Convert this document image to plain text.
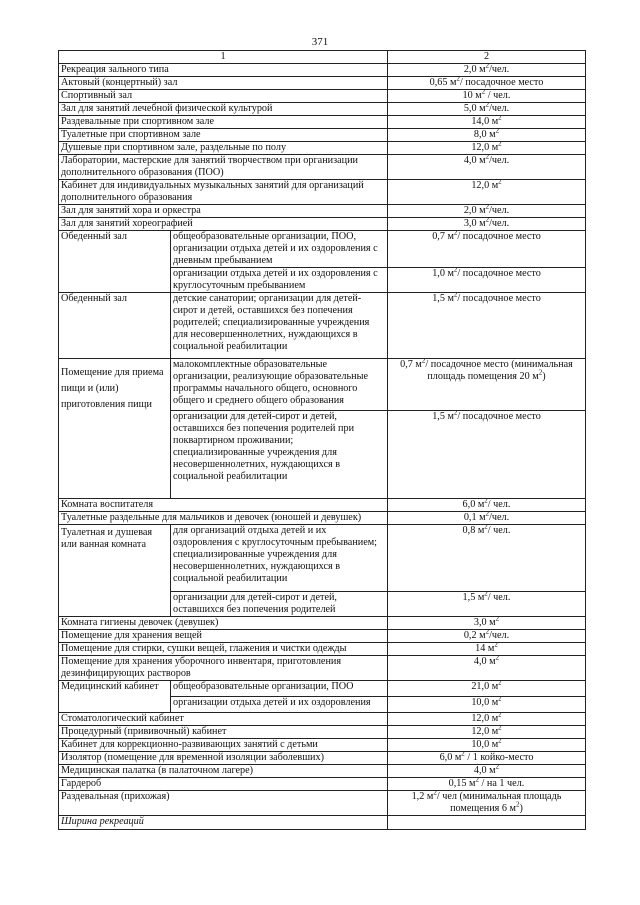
371
1		2
Рекреация зального типа		2,0 $м^2$/чел.
Актовый (концертный) зал		0,65 $м^2/$ посадочное место
Спортивный зал		10 $м^2$ / чел.
Зал для занятий лечебной физической культурой		5,0 $м^2$/чел.
Раздевальные при спортивном зале		14,0 $м^2$
Туалетные при спортивном зале		8,0 $м^2$
Душевые при спортивном зале, раздельные по полу		12,0 $м^2$
Лаборатории, мастерские для занятий творчеством при организации дополнительного образования (ПОО)		4,0 $м^2$/чел.
Кабинет для индивидуальных музыкальных занятий для организаций дополнительного образования		12,0 $м^2$
Зал для занятий хора и оркестра		2,0 $м^2$/чел.
Зал для занятий хореографией		3,0 $м^2$/чел.
Обеденный зал	общеобразовательные организации, ПОО, организации отдыха детей и их оздоровления с дневным пребыванием	0,7 $м^2/$ посадочное место
	организации отдыха детей и их оздоровления с круглосуточным пребыванием	1,0 $м^2/$ посадочное место
Обеденный зал	детские санатории; организации для детей-сирот и детей, оставшихся без попечения родителей; специализированные учреждения для несовершеннолетних, нуждающихся в социальной реабилитации	1,5 $м^2/$ посадочное место
Помещение для приема пищи и (или) приготовления пищи	малокомплектные образовательные организации, реализующие образовательные программы начального общего, основного общего и среднего общего образования	0,7 $м^2/$ посадочное место (минимальная площадь помещения 20 $м^2$)
	организации для детей-сирот и детей, оставшихся без попечения родителей при поквартирном проживании; специализированные учреждения для несовершеннолетних, нуждающихся в социальной реабилитации	1,5 $м^2/$ посадочное место
Комната воспитателя		6,0 $м^2/$ чел.
Туалетные раздельные для мальчиков и девочек (юношей и девушек)		0,1 $м^2$/чел.
Туалетная и душевая или ванная комната	для организаций отдыха детей и их оздоровления с круглосуточным пребыванием; специализированные учреждения для несовершеннолетних, нуждающихся в социальной реабилитации	0,8 $м^2/$ чел.
	организации для детей-сирот и детей, оставшихся без попечения родителей	1,5 $м^2/$ чел.
Комната гигиены девочек (девушек)		3,0 $м^2$
Помещение для хранения вещей		0,2 $м^2$/чел.
Помещение для стирки, сушки вещей, глажения и чистки одежды		14 $м^2$
Помещение для хранения уборочного инвентаря, приготовления дезинфицирующих растворов		4,0 $м^2$
Медицинский кабинет	общеобразовательные организации, ПОО	21,0 $м^2$
	организации отдыха детей и их оздоровления	10,0 $м^2$
Стоматологический кабинет		12,0 $м^2$
Процедурный (прививочный) кабинет		12,0 $м^2$
Кабинет для коррекционно-развивающих занятий с детьми		10,0 $м^2$
Изолятор (помещение для временной изоляции заболевших)		6,0 $м^2 / 1$ койко-место
Медицинская палатка (в палаточном лагере)		4,0 $м^2$
Гардероб		0,15 $м^2$ / на 1 чел.
Раздевальная (прихожая)		1,2 $м^2/$ чел (минимальная площадь помещения 6 $м^2$)
Ширина рекреаций		
